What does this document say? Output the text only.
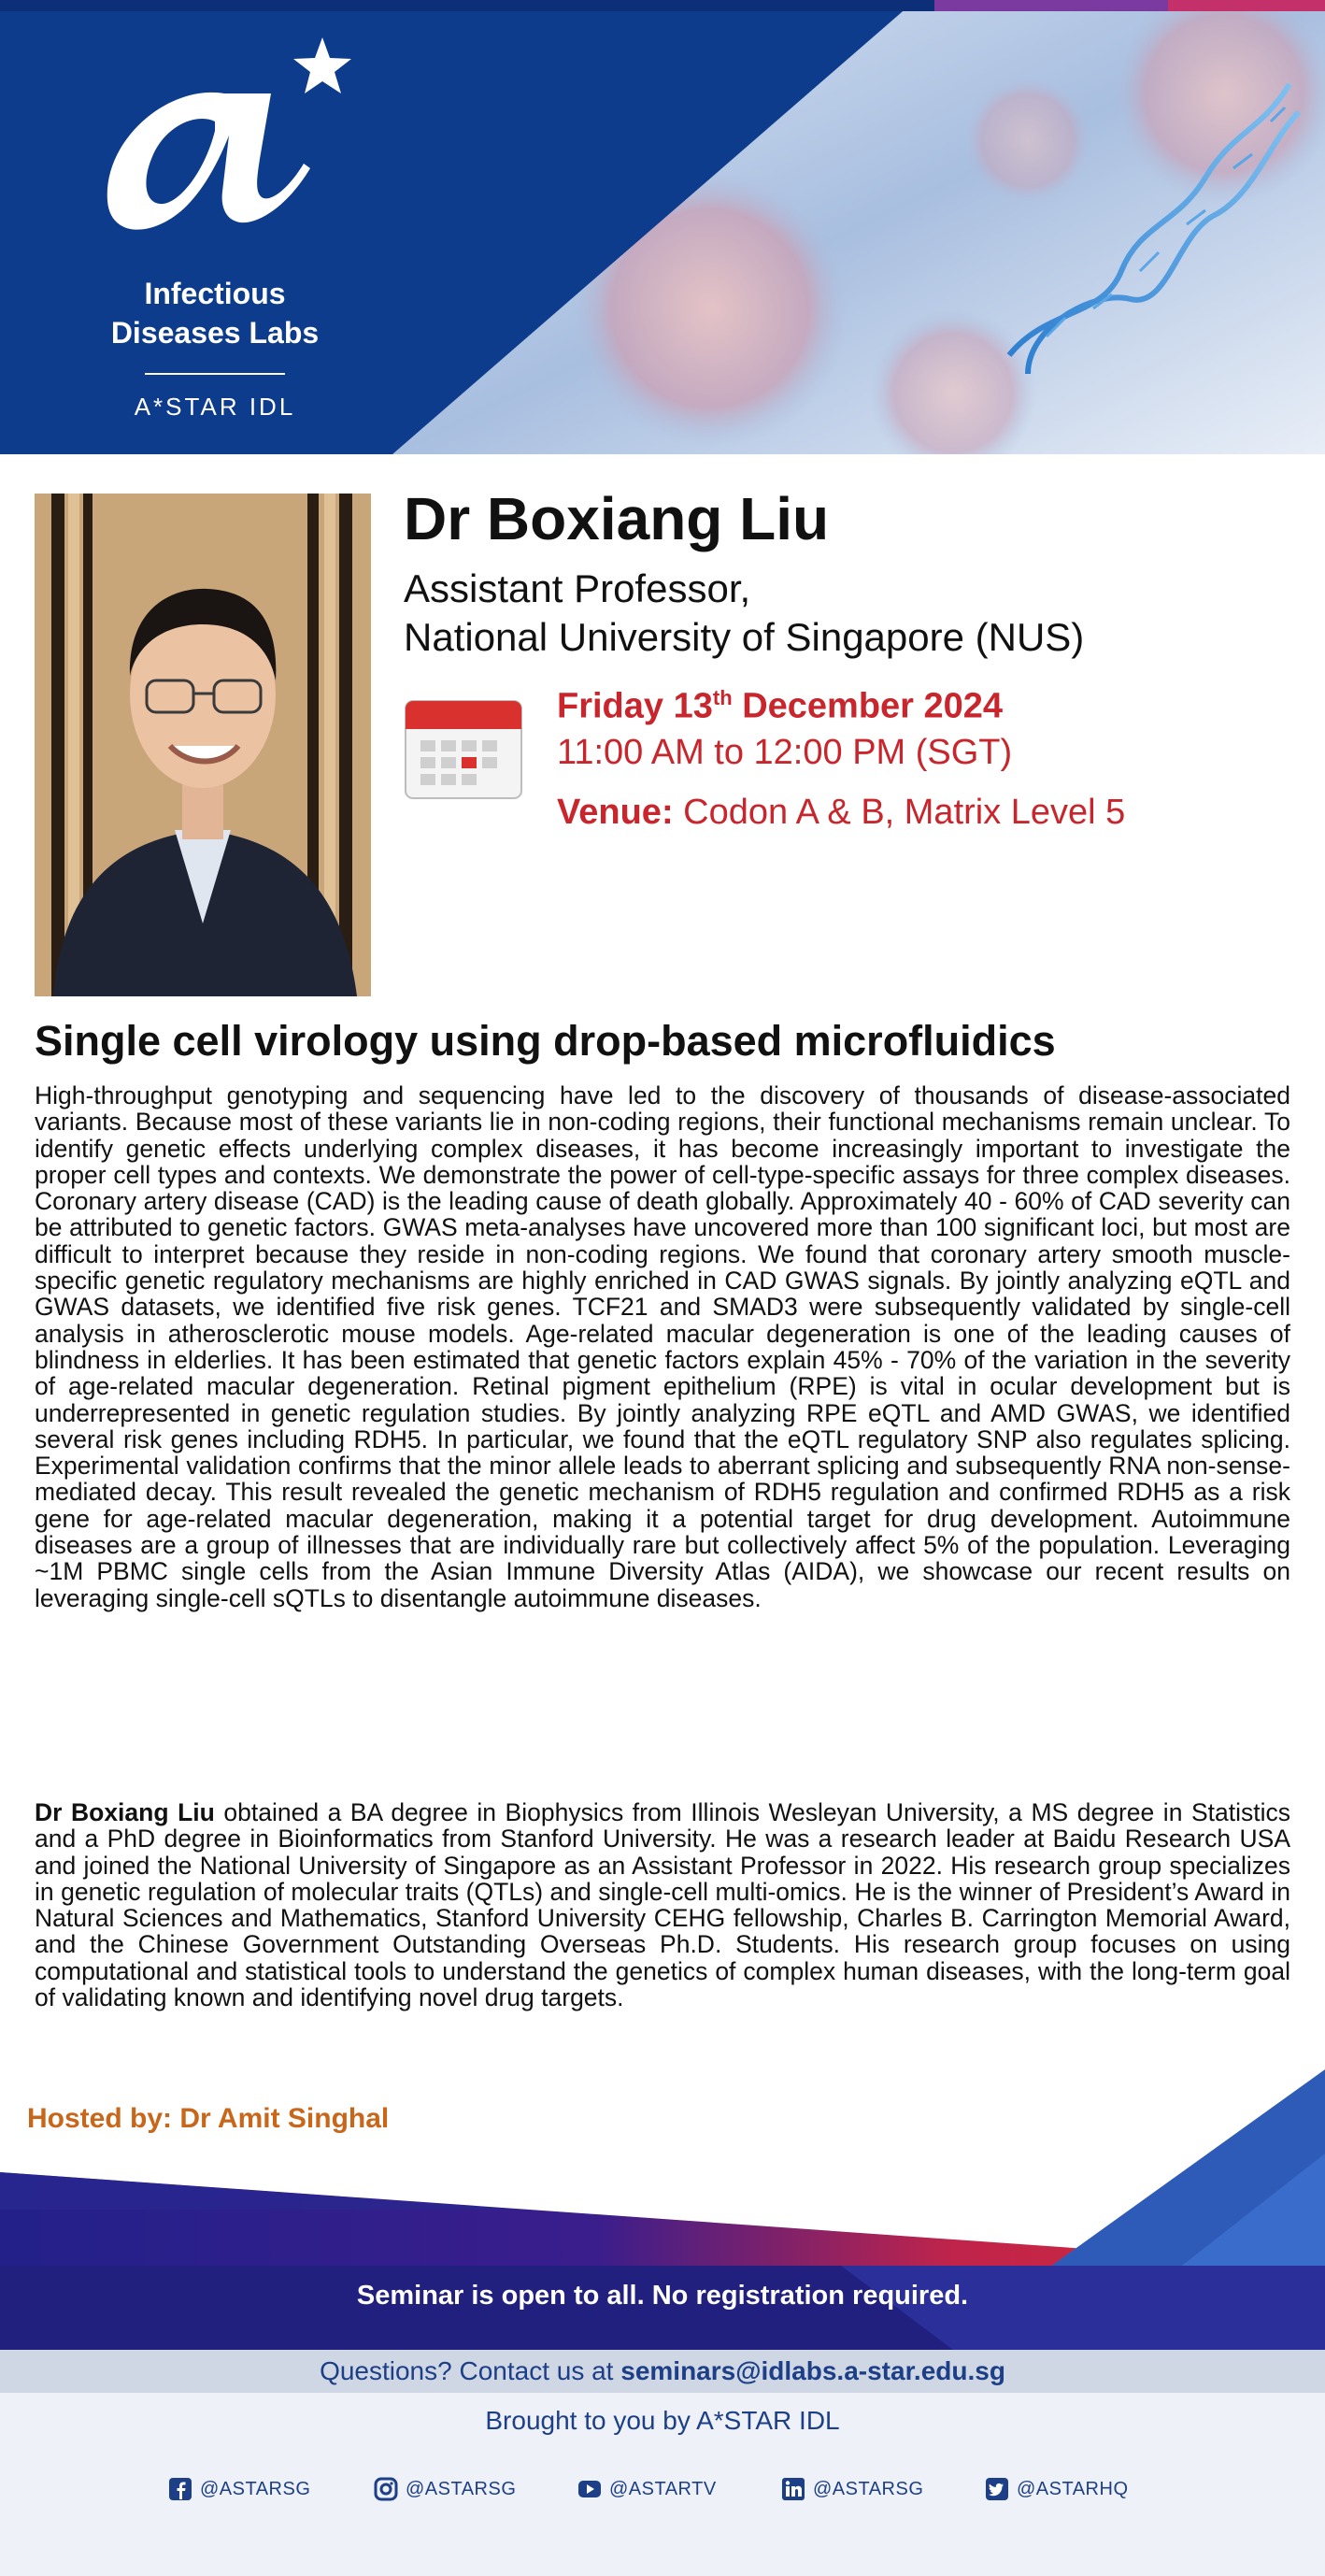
Infectious
Diseases Labs
A*STAR IDL
Dr Boxiang Liu
Assistant Professor,
National University of Singapore (NUS)
Friday 13th December 2024
11:00 AM to 12:00 PM (SGT)
Venue: Codon A & B, Matrix Level 5
Single cell virology using drop-based microfluidics

High-throughput genotyping and sequencing have led to the discovery of thousands of disease-associated variants. Because most of these variants lie in non-coding regions, their functional mechanisms remain unclear. To identify genetic effects underlying complex diseases, it has become increasingly important to investigate the proper cell types and contexts. We demonstrate the power of cell-type-specific assays for three complex diseases. Coronary artery disease (CAD) is the leading cause of death globally. Approximately 40 - 60% of CAD severity can be attributed to genetic factors. GWAS meta-analyses have uncovered more than 100 significant loci, but most are difficult to interpret because they reside in non-coding regions. We found that coronary artery smooth muscle-specific genetic regulatory mechanisms are highly enriched in CAD GWAS signals. By jointly analyzing eQTL and GWAS datasets, we identified five risk genes. TCF21 and SMAD3 were subsequently validated by single-cell analysis in atherosclerotic mouse models. Age-related macular degeneration is one of the leading causes of blindness in elderlies. It has been estimated that genetic factors explain 45% - 70% of the variation in the severity of age-related macular degeneration. Retinal pigment epithelium (RPE) is vital in ocular development but is underrepresented in genetic regulation studies. By jointly analyzing RPE eQTL and AMD GWAS, we identified several risk genes including RDH5. In particular, we found that the eQTL regulatory SNP also regulates splicing. Experimental validation confirms that the minor allele leads to aberrant splicing and subsequently RNA non-sense-mediated decay. This result revealed the genetic mechanism of RDH5 regulation and confirmed RDH5 as a risk gene for age-related macular degeneration, making it a potential target for drug development. Autoimmune diseases are a group of illnesses that are individually rare but collectively affect 5% of the population. Leveraging ~1M PBMC single cells from the Asian Immune Diversity Atlas (AIDA), we showcase our recent results on leveraging single-cell sQTLs to disentangle autoimmune diseases.

Dr Boxiang Liu obtained a BA degree in Biophysics from Illinois Wesleyan University, a MS degree in Statistics and a PhD degree in Bioinformatics from Stanford University. He was a research leader at Baidu Research USA and joined the National University of Singapore as an Assistant Professor in 2022. His research group specializes in genetic regulation of molecular traits (QTLs) and single-cell multi-omics. He is the winner of President’s Award in Natural Sciences and Mathematics, Stanford University CEHG fellowship, Charles B. Carrington Memorial Award, and the Chinese Government Outstanding Overseas Ph.D. Students. His research group focuses on using computational and statistical tools to understand the genetics of complex human diseases, with the long-term goal of validating known and identifying novel drug targets.

Hosted by: Dr Amit Singhal
Seminar is open to all. No registration required.
Questions? Contact us at seminars@idlabs.a-star.edu.sg
Brought to you by A*STAR IDL
@ASTARSG	@ASTARSG	@ASTARTV	@ASTARSG	@ASTARHQ
